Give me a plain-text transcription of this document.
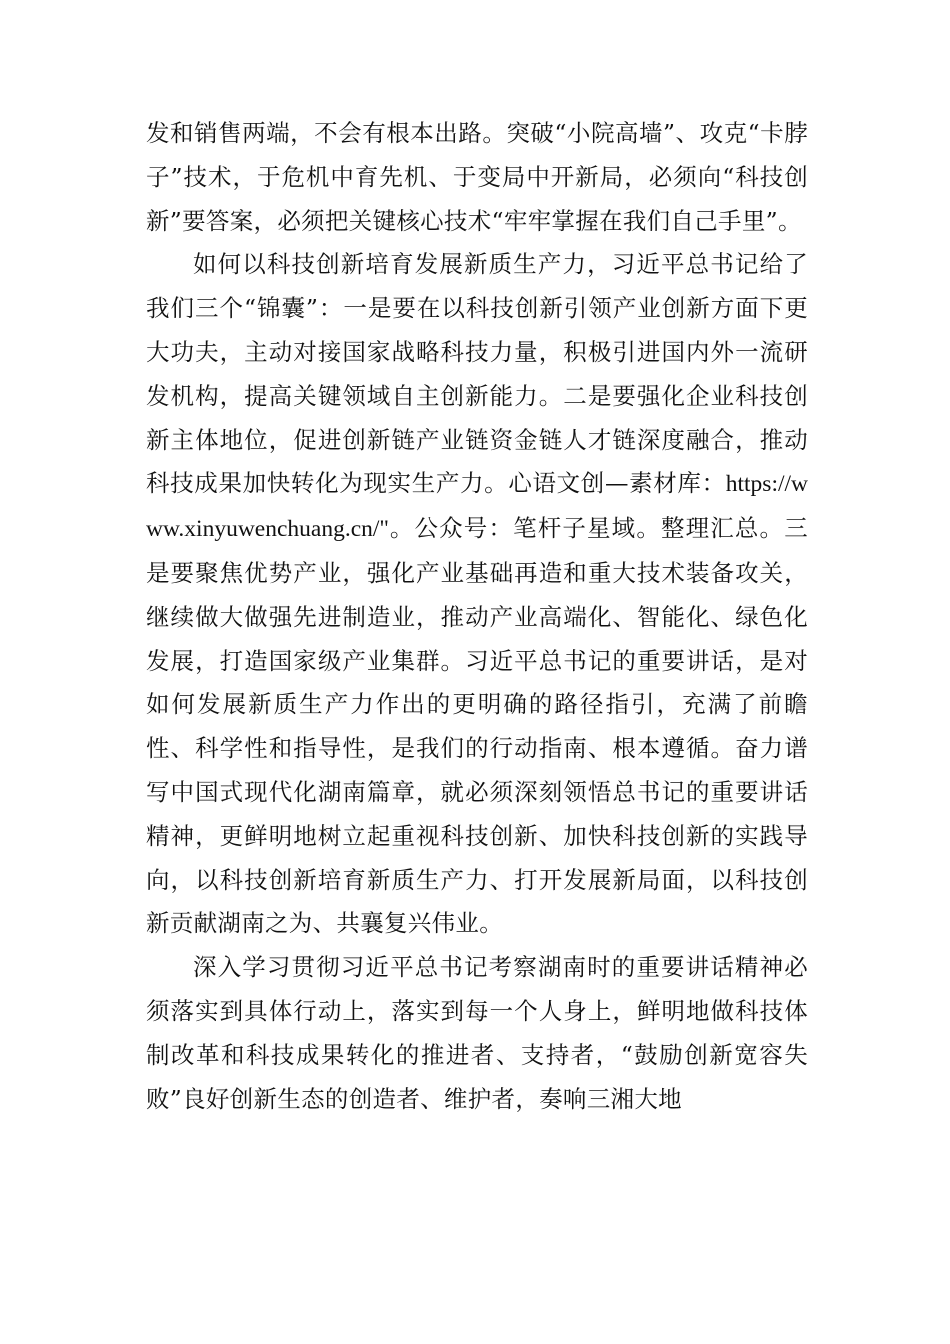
发和销售两端，不会有根本出路。突破“小院高墙”、攻克“卡脖子”技术，于危机中育先机、于变局中开新局，必须向“科技创新”要答案，必须把关键核心技术“牢牢掌握在我们自己手里”。

如何以科技创新培育发展新质生产力，习近平总书记给了我们三个“锦囊”：一是要在以科技创新引领产业创新方面下更大功夫，主动对接国家战略科技力量，积极引进国内外一流研发机构，提高关键领域自主创新能力。二是要强化企业科技创新主体地位，促进创新链产业链资金链人才链深度融合，推动科技成果加快转化为现实生产力。心语文创—素材库：https://www.xinyuwenchuang.cn/"。公众号：笔杆子星域。整理汇总。三是要聚焦优势产业，强化产业基础再造和重大技术装备攻关，继续做大做强先进制造业，推动产业高端化、智能化、绿色化发展，打造国家级产业集群。习近平总书记的重要讲话，是对如何发展新质生产力作出的更明确的路径指引，充满了前瞻性、科学性和指导性，是我们的行动指南、根本遵循。奋力谱写中国式现代化湖南篇章，就必须深刻领悟总书记的重要讲话精神，更鲜明地树立起重视科技创新、加快科技创新的实践导向，以科技创新培育新质生产力、打开发展新局面，以科技创新贡献湖南之为、共襄复兴伟业。

深入学习贯彻习近平总书记考察湖南时的重要讲话精神必须落实到具体行动上，落实到每一个人身上，鲜明地做科技体制改革和科技成果转化的推进者、支持者，“鼓励创新宽容失败”良好创新生态的创造者、维护者，奏响三湘大地
